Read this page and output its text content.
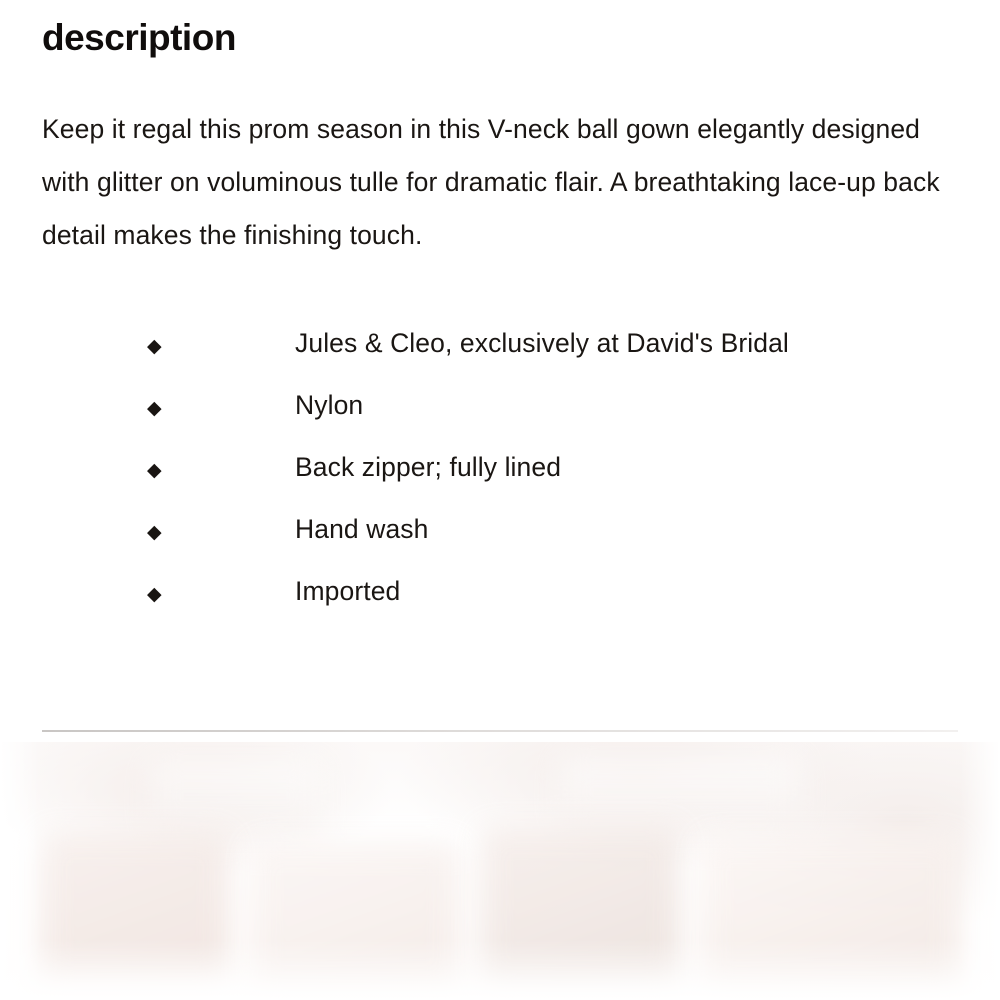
description

Keep it regal this prom season in this V-neck ball gown elegantly designed with glitter on voluminous tulle for dramatic flair. A breathtaking lace-up back detail makes the finishing touch.

◆	Jules & Cleo, exclusively at David's Bridal
◆	Nylon
◆	Back zipper; fully lined
◆	Hand wash
◆	Imported
